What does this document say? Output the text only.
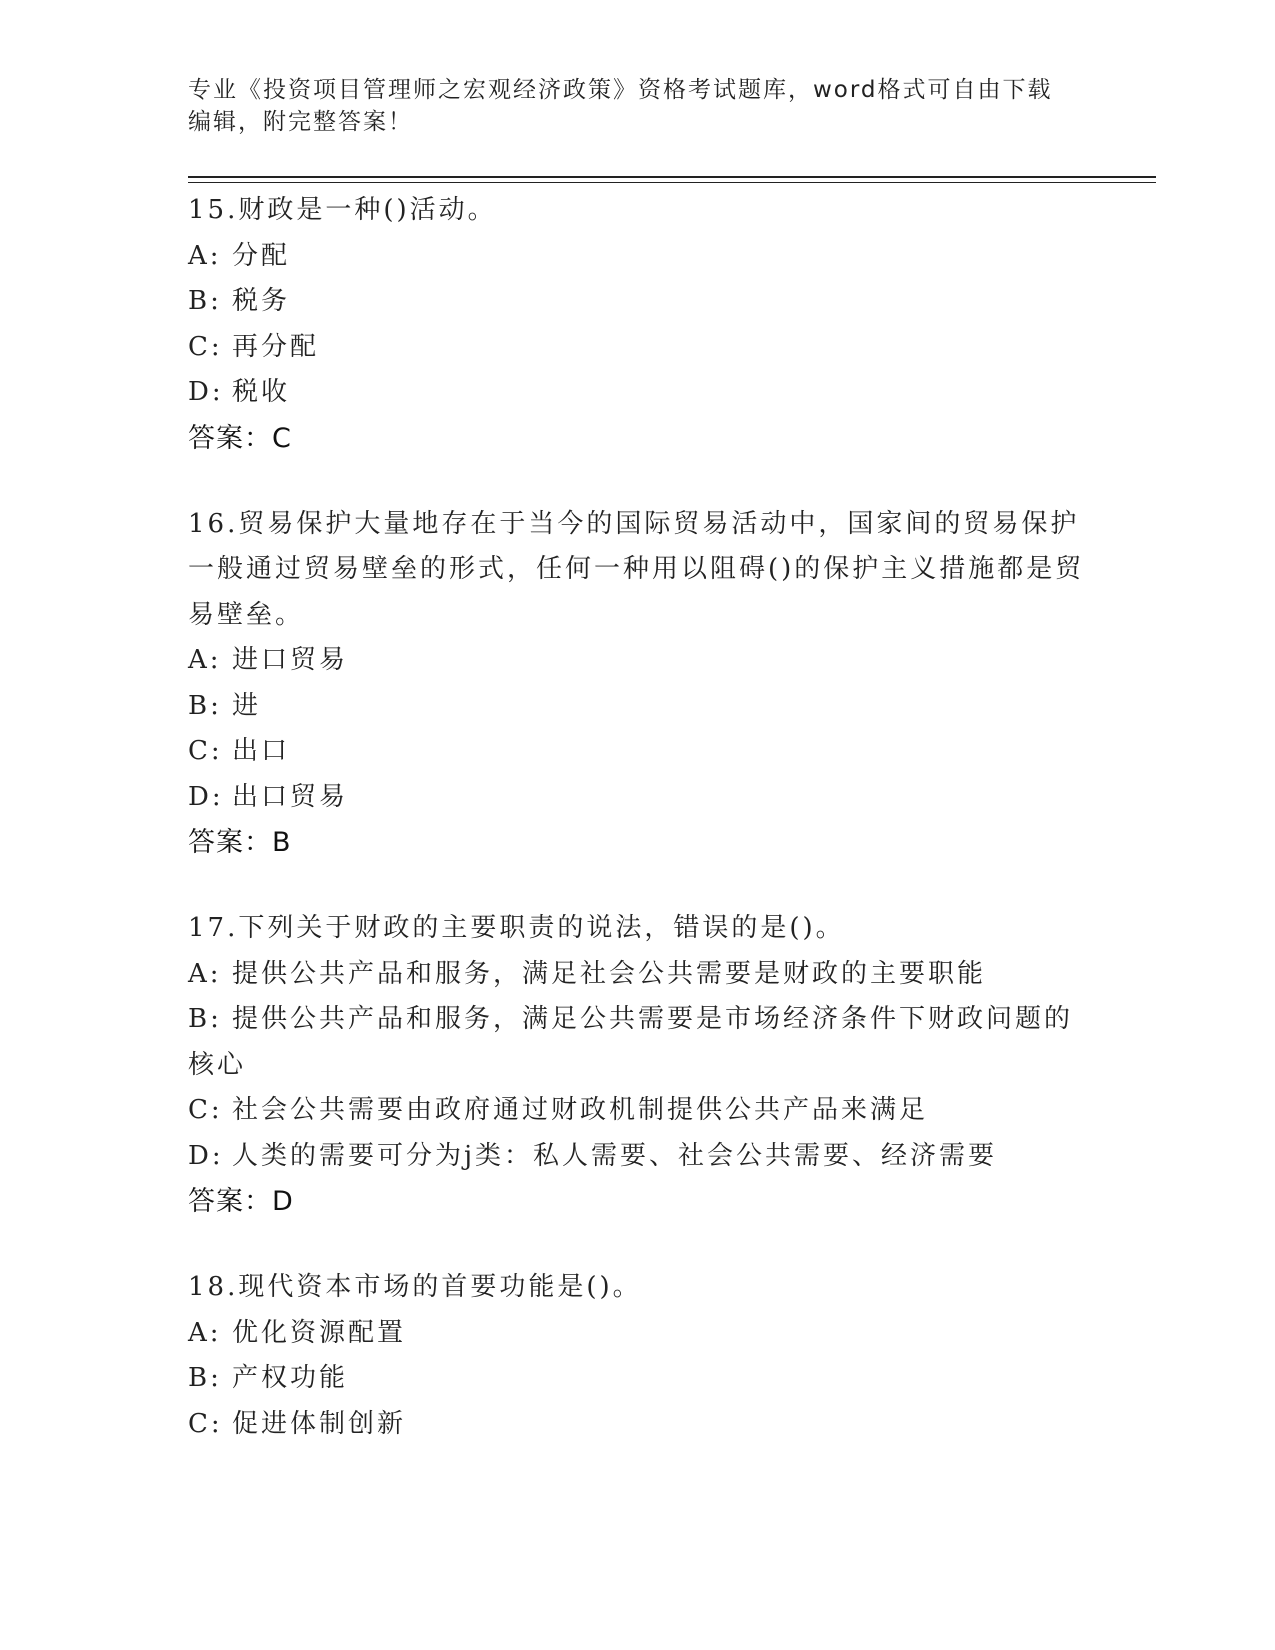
专业《投资项目管理师之宏观经济政策》资格考试题库，word格式可自由下载编辑，附完整答案！
15.财政是一种()活动。
A: 分配
B: 税务
C: 再分配
D: 税收
答案：C
16.贸易保护大量地存在于当今的国际贸易活动中，国家间的贸易保护一般通过贸易壁垒的形式，任何一种用以阻碍()的保护主义措施都是贸易壁垒。
A: 进口贸易
B: 进
C: 出口
D: 出口贸易
答案：B
17.下列关于财政的主要职责的说法，错误的是()。
A: 提供公共产品和服务，满足社会公共需要是财政的主要职能
B: 提供公共产品和服务，满足公共需要是市场经济条件下财政问题的核心
C: 社会公共需要由政府通过财政机制提供公共产品来满足
D: 人类的需要可分为j类：私人需要、社会公共需要、经济需要
答案：D
18.现代资本市场的首要功能是()。
A: 优化资源配置
B: 产权功能
C: 促进体制创新
